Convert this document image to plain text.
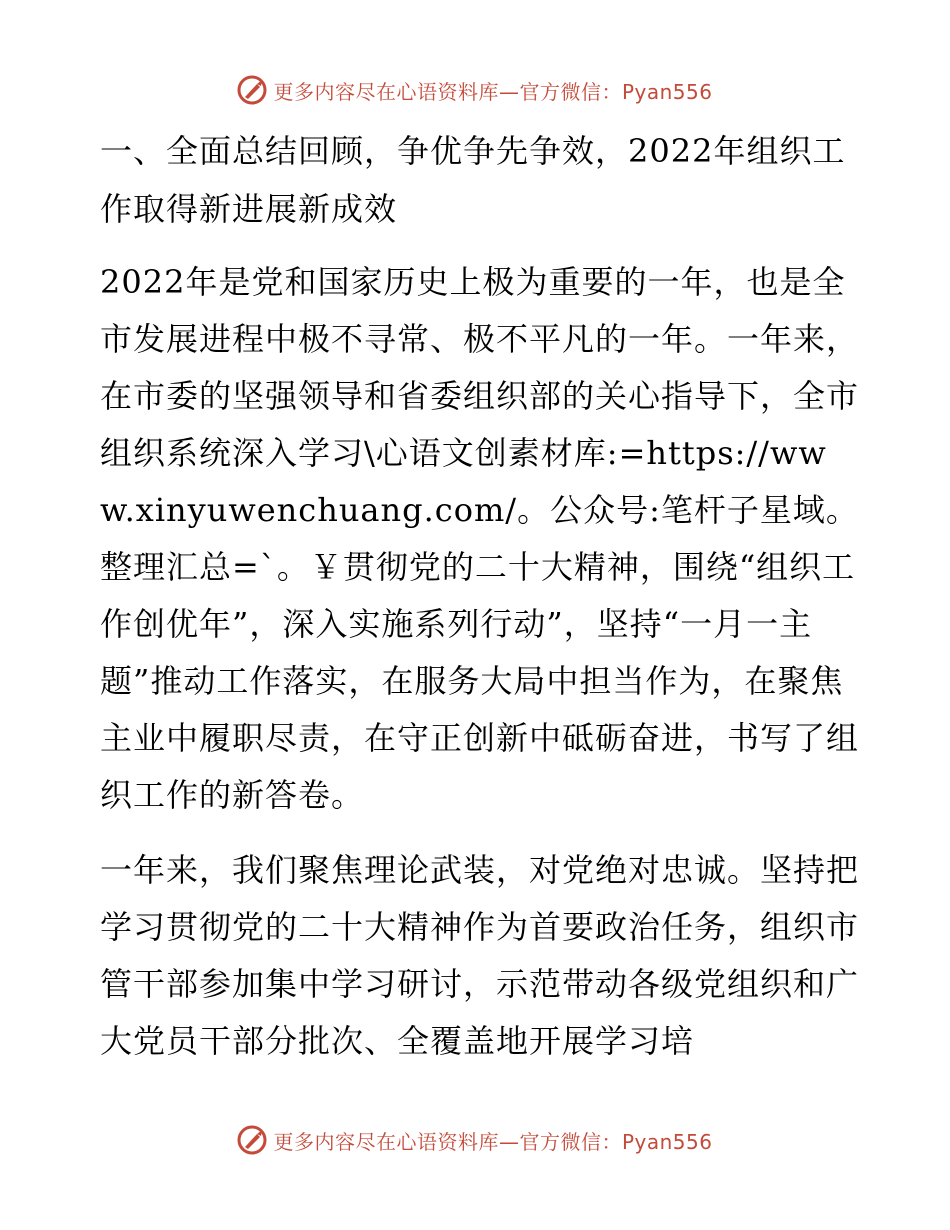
更多内容尽在心语资料库—官方微信：Pyan556
一、全面总结回顾，争优争先争效，2022年组织工作取得新进展新成效

2022年是党和国家历史上极为重要的一年，也是全市发展进程中极不寻常、极不平凡的一年。一年来，在市委的坚强领导和省委组织部的关心指导下，全市组织系统深入学习\心语文创素材库:=https://www.xinyuwenchuang.com/。公众号:笔杆子星域。整理汇总=`。￥贯彻党的二十大精神，围绕“组织工作创优年”，深入实施系列行动”，坚持“一月一主题”推动工作落实，在服务大局中担当作为，在聚焦主业中履职尽责，在守正创新中砥砺奋进，书写了组织工作的新答卷。

一年来，我们聚焦理论武装，对党绝对忠诚。坚持把学习贯彻党的二十大精神作为首要政治任务，组织市管干部参加集中学习研讨，示范带动各级党组织和广大党员干部分批次、全覆盖地开展学习培

更多内容尽在心语资料库—官方微信：Pyan556
